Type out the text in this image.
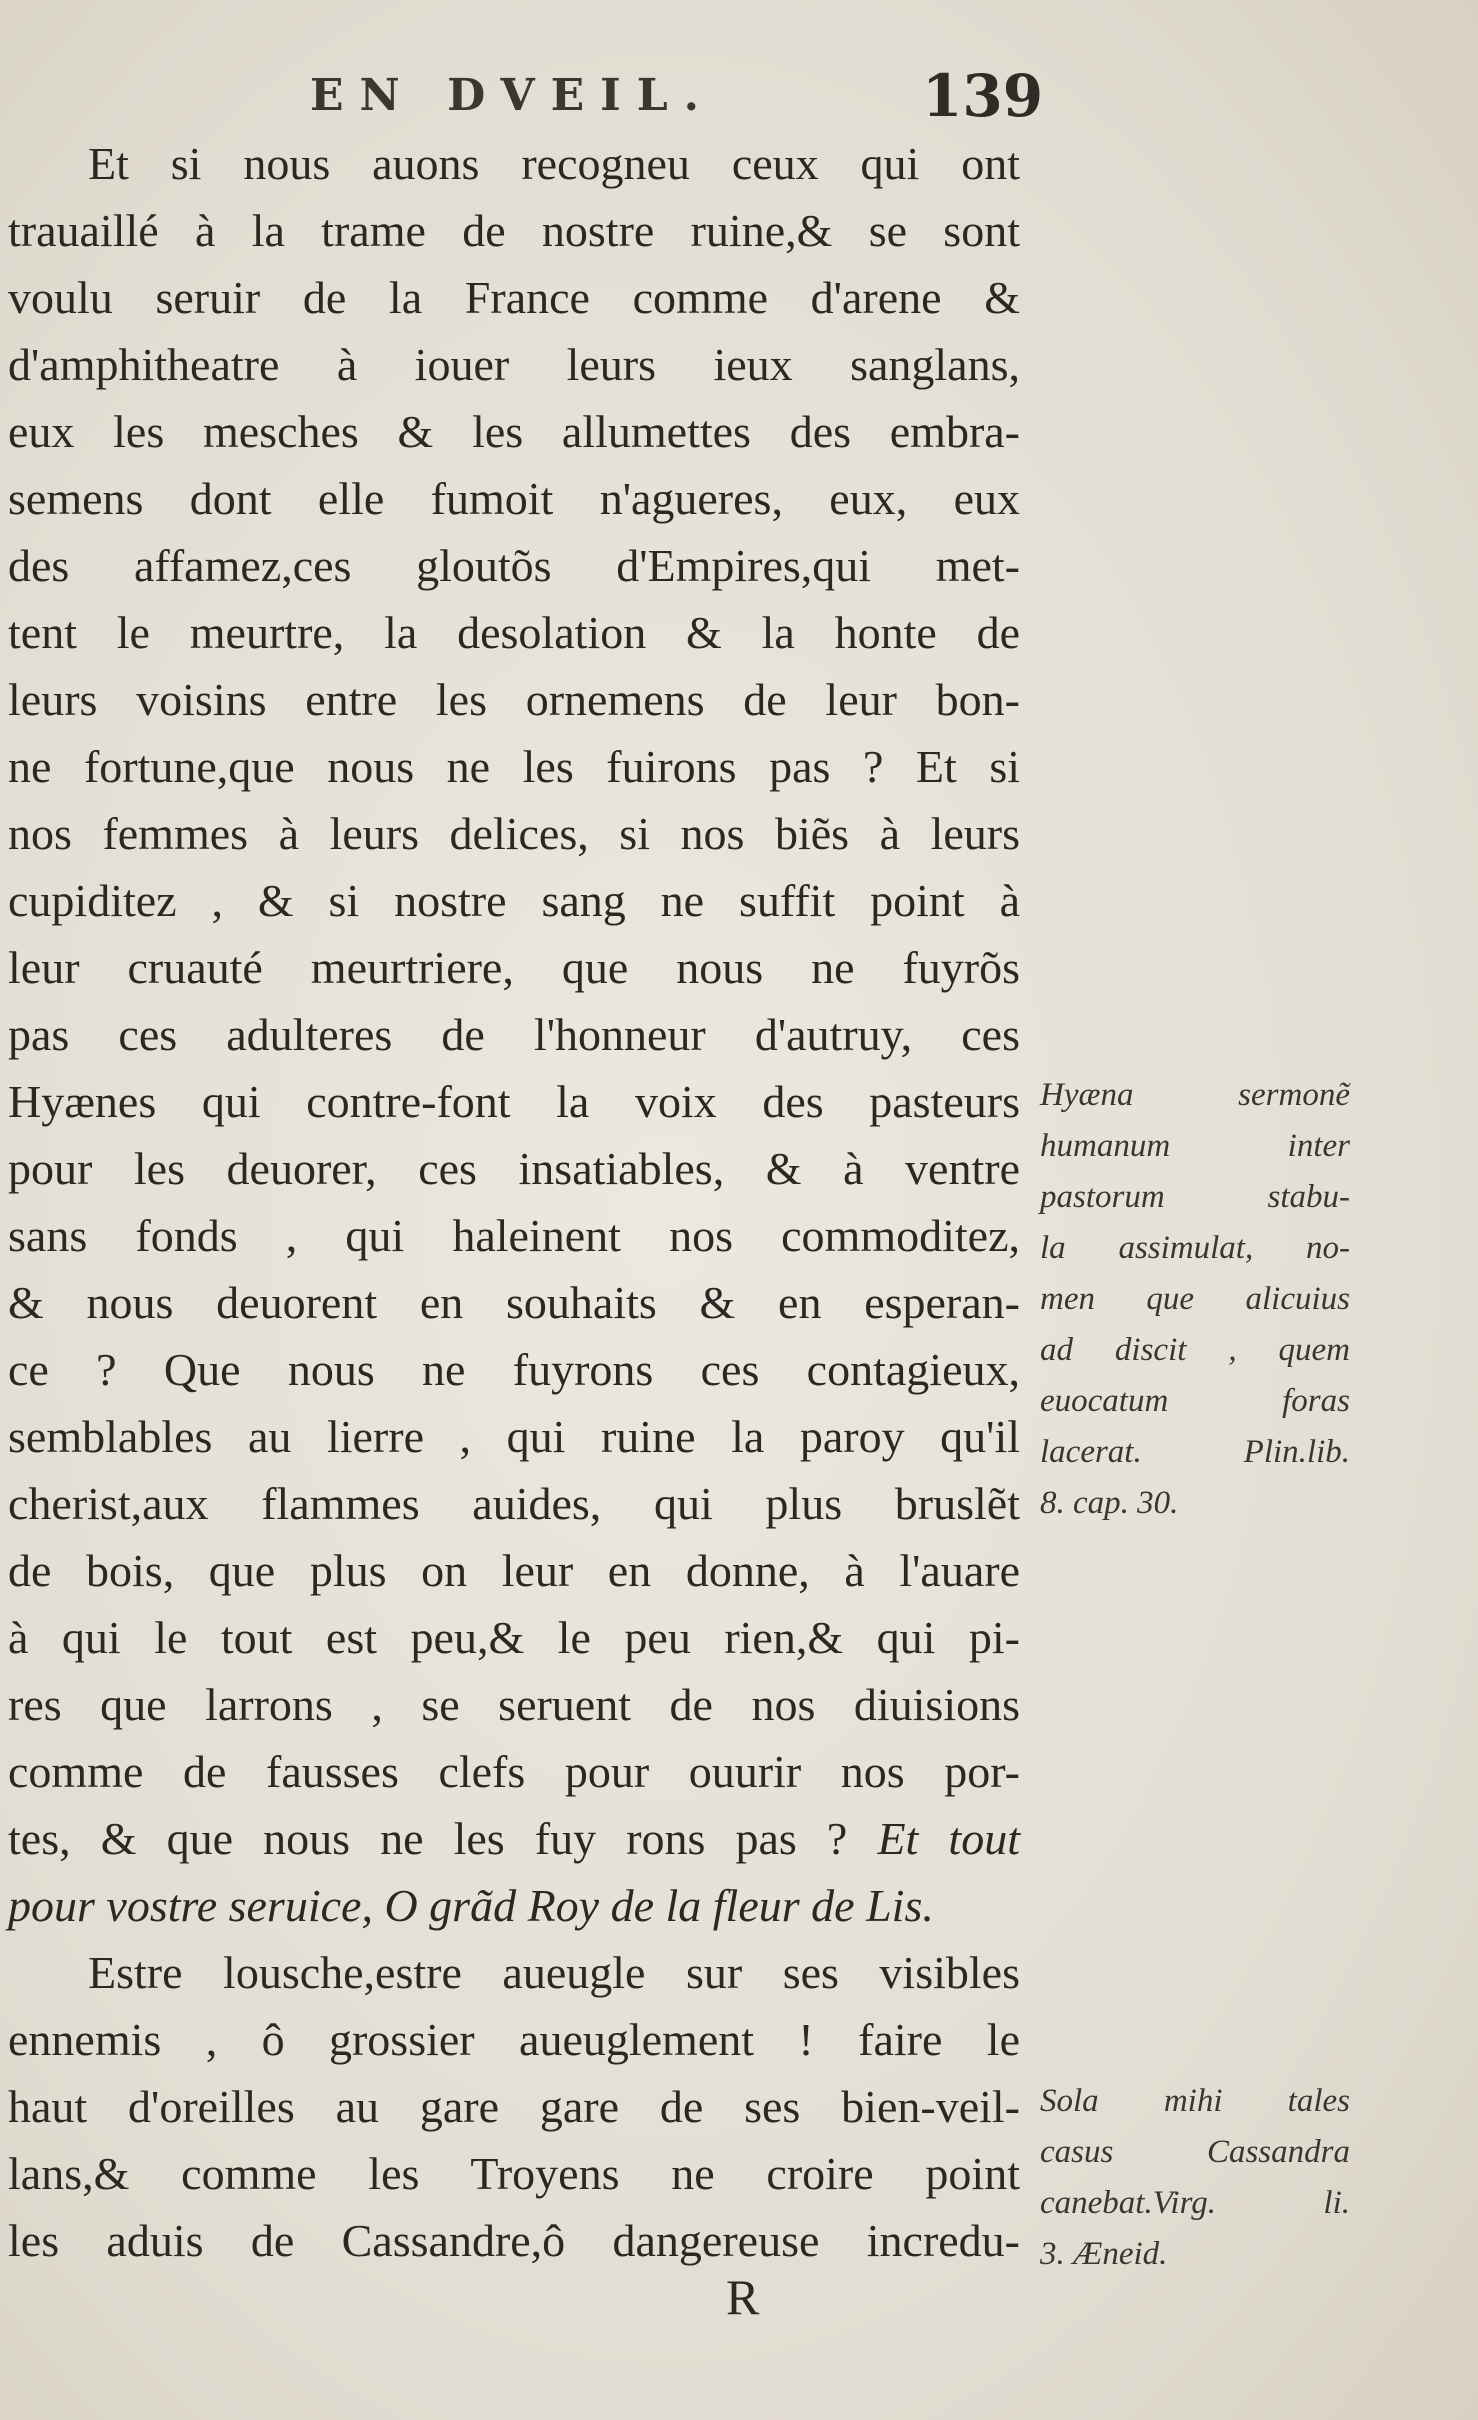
EN DVEIL.	139
Et si nous auons recogneu ceux qui ont
trauaillé à la trame de nostre ruine,& se sont
voulu seruir de la France comme d'arene &
d'amphitheatre à iouer leurs ieux sanglans,
eux les mesches & les allumettes des embra-
semens dont elle fumoit n'agueres, eux, eux
des affamez,ces gloutõs d'Empires,qui met-
tent le meurtre, la desolation & la honte de
leurs voisins entre les ornemens de leur bon-
ne fortune,que nous ne les fuirons pas ? Et si
nos femmes à leurs delices, si nos biẽs à leurs
cupiditez , & si nostre sang ne suffit point à
leur cruauté meurtriere, que nous ne fuyrõs
pas ces adulteres de l'honneur d'autruy, ces
Hyænes qui contre-font la voix des pasteurs
pour les deuorer, ces insatiables, & à ventre
sans fonds , qui haleinent nos commoditez,
& nous deuorent en souhaits & en esperan-
ce ? Que nous ne fuyrons ces contagieux,
semblables au lierre , qui ruine la paroy qu'il
cherist,aux flammes auides, qui plus bruslẽt
de bois, que plus on leur en donne, à l'auare
à qui le tout est peu,& le peu rien,& qui pi-
res que larrons , se seruent de nos diuisions
comme de fausses clefs pour ouurir nos por-
tes, & que nous ne les fuy rons pas ? Et tout
pour vostre seruice, O grãd Roy de la fleur de Lis.
Estre lousche,estre aueugle sur ses visibles
ennemis , ô grossier aueuglement ! faire le
haut d'oreilles au gare gare de ses bien-veil-
lans,& comme les Troyens ne croire point
les aduis de Cassandre,ô dangereuse incredu-
Hyæna sermonẽ
humanum inter
pastorum stabu-
la assimulat, no-
men que alicuius
ad discit , quem
euocatum foras
lacerat. Plin.lib.
8. cap. 30.
Sola mihi tales
casus Cassandra
canebat.Virg. li.
3. Æneid.
R
